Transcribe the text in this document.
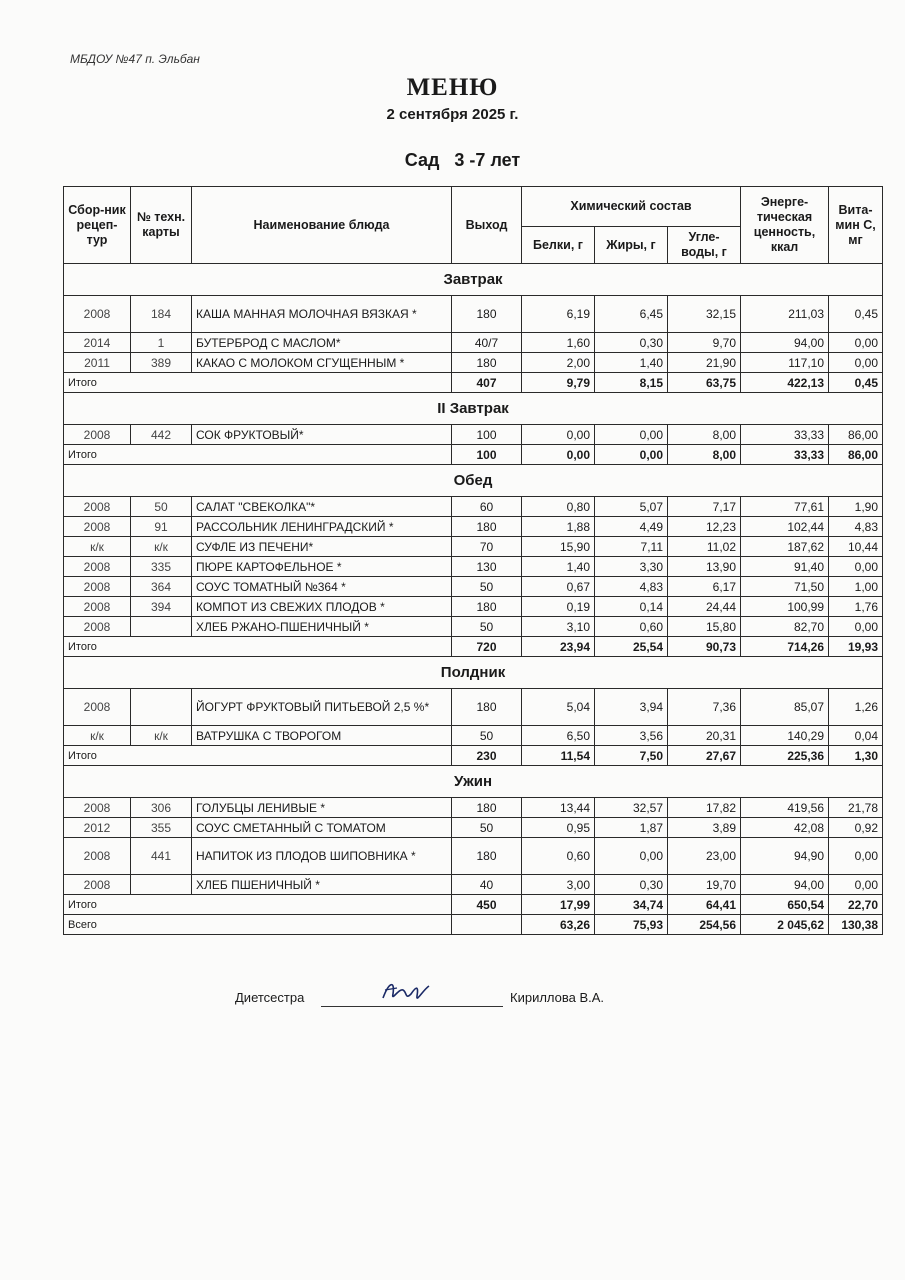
МБДОУ №47 п. Эльбан
МЕНЮ
2 сентября 2025 г.
Сад   3 -7 лет
Сбор-ник рецеп-тур	№ техн. карты	Наименование блюда	Выход	Химический состав			Энерге-тическая ценность, ккал	Вита-мин С, мг
				Белки, г	Жиры, г	Угле-воды, г		
Завтрак								
2008	184	КАША МАННАЯ МОЛОЧНАЯ ВЯЗКАЯ *	180	6,19	6,45	32,15	211,03	0,45
2014	1	БУТЕРБРОД С МАСЛОМ*	40/7	1,60	0,30	9,70	94,00	0,00
2011	389	КАКАО С МОЛОКОМ СГУЩЕННЫМ *	180	2,00	1,40	21,90	117,10	0,00
Итого			407	9,79	8,15	63,75	422,13	0,45
II Завтрак								
2008	442	СОК ФРУКТОВЫЙ*	100	0,00	0,00	8,00	33,33	86,00
Итого			100	0,00	0,00	8,00	33,33	86,00
Обед								
2008	50	САЛАТ "СВЕКОЛКА"*	60	0,80	5,07	7,17	77,61	1,90
2008	91	РАССОЛЬНИК ЛЕНИНГРАДСКИЙ *	180	1,88	4,49	12,23	102,44	4,83
к/к	к/к	СУФЛЕ ИЗ ПЕЧЕНИ*	70	15,90	7,11	11,02	187,62	10,44
2008	335	ПЮРЕ КАРТОФЕЛЬНОЕ *	130	1,40	3,30	13,90	91,40	0,00
2008	364	СОУС ТОМАТНЫЙ №364 *	50	0,67	4,83	6,17	71,50	1,00
2008	394	КОМПОТ ИЗ СВЕЖИХ ПЛОДОВ *	180	0,19	0,14	24,44	100,99	1,76
2008		ХЛЕБ РЖАНО-ПШЕНИЧНЫЙ *	50	3,10	0,60	15,80	82,70	0,00
Итого			720	23,94	25,54	90,73	714,26	19,93
Полдник								
2008		ЙОГУРТ ФРУКТОВЫЙ ПИТЬЕВОЙ 2,5 %*	180	5,04	3,94	7,36	85,07	1,26
к/к	к/к	ВАТРУШКА С ТВОРОГОМ	50	6,50	3,56	20,31	140,29	0,04
Итого			230	11,54	7,50	27,67	225,36	1,30
Ужин								
2008	306	ГОЛУБЦЫ ЛЕНИВЫЕ *	180	13,44	32,57	17,82	419,56	21,78
2012	355	СОУС СМЕТАННЫЙ С ТОМАТОМ	50	0,95	1,87	3,89	42,08	0,92
2008	441	НАПИТОК ИЗ ПЛОДОВ ШИПОВНИКА *	180	0,60	0,00	23,00	94,90	0,00
2008		ХЛЕБ ПШЕНИЧНЫЙ *	40	3,00	0,30	19,70	94,00	0,00
Итого			450	17,99	34,74	64,41	650,54	22,70
Всего				63,26	75,93	254,56	2 045,62	130,38
Диетсестра	Кириллова В.А.
